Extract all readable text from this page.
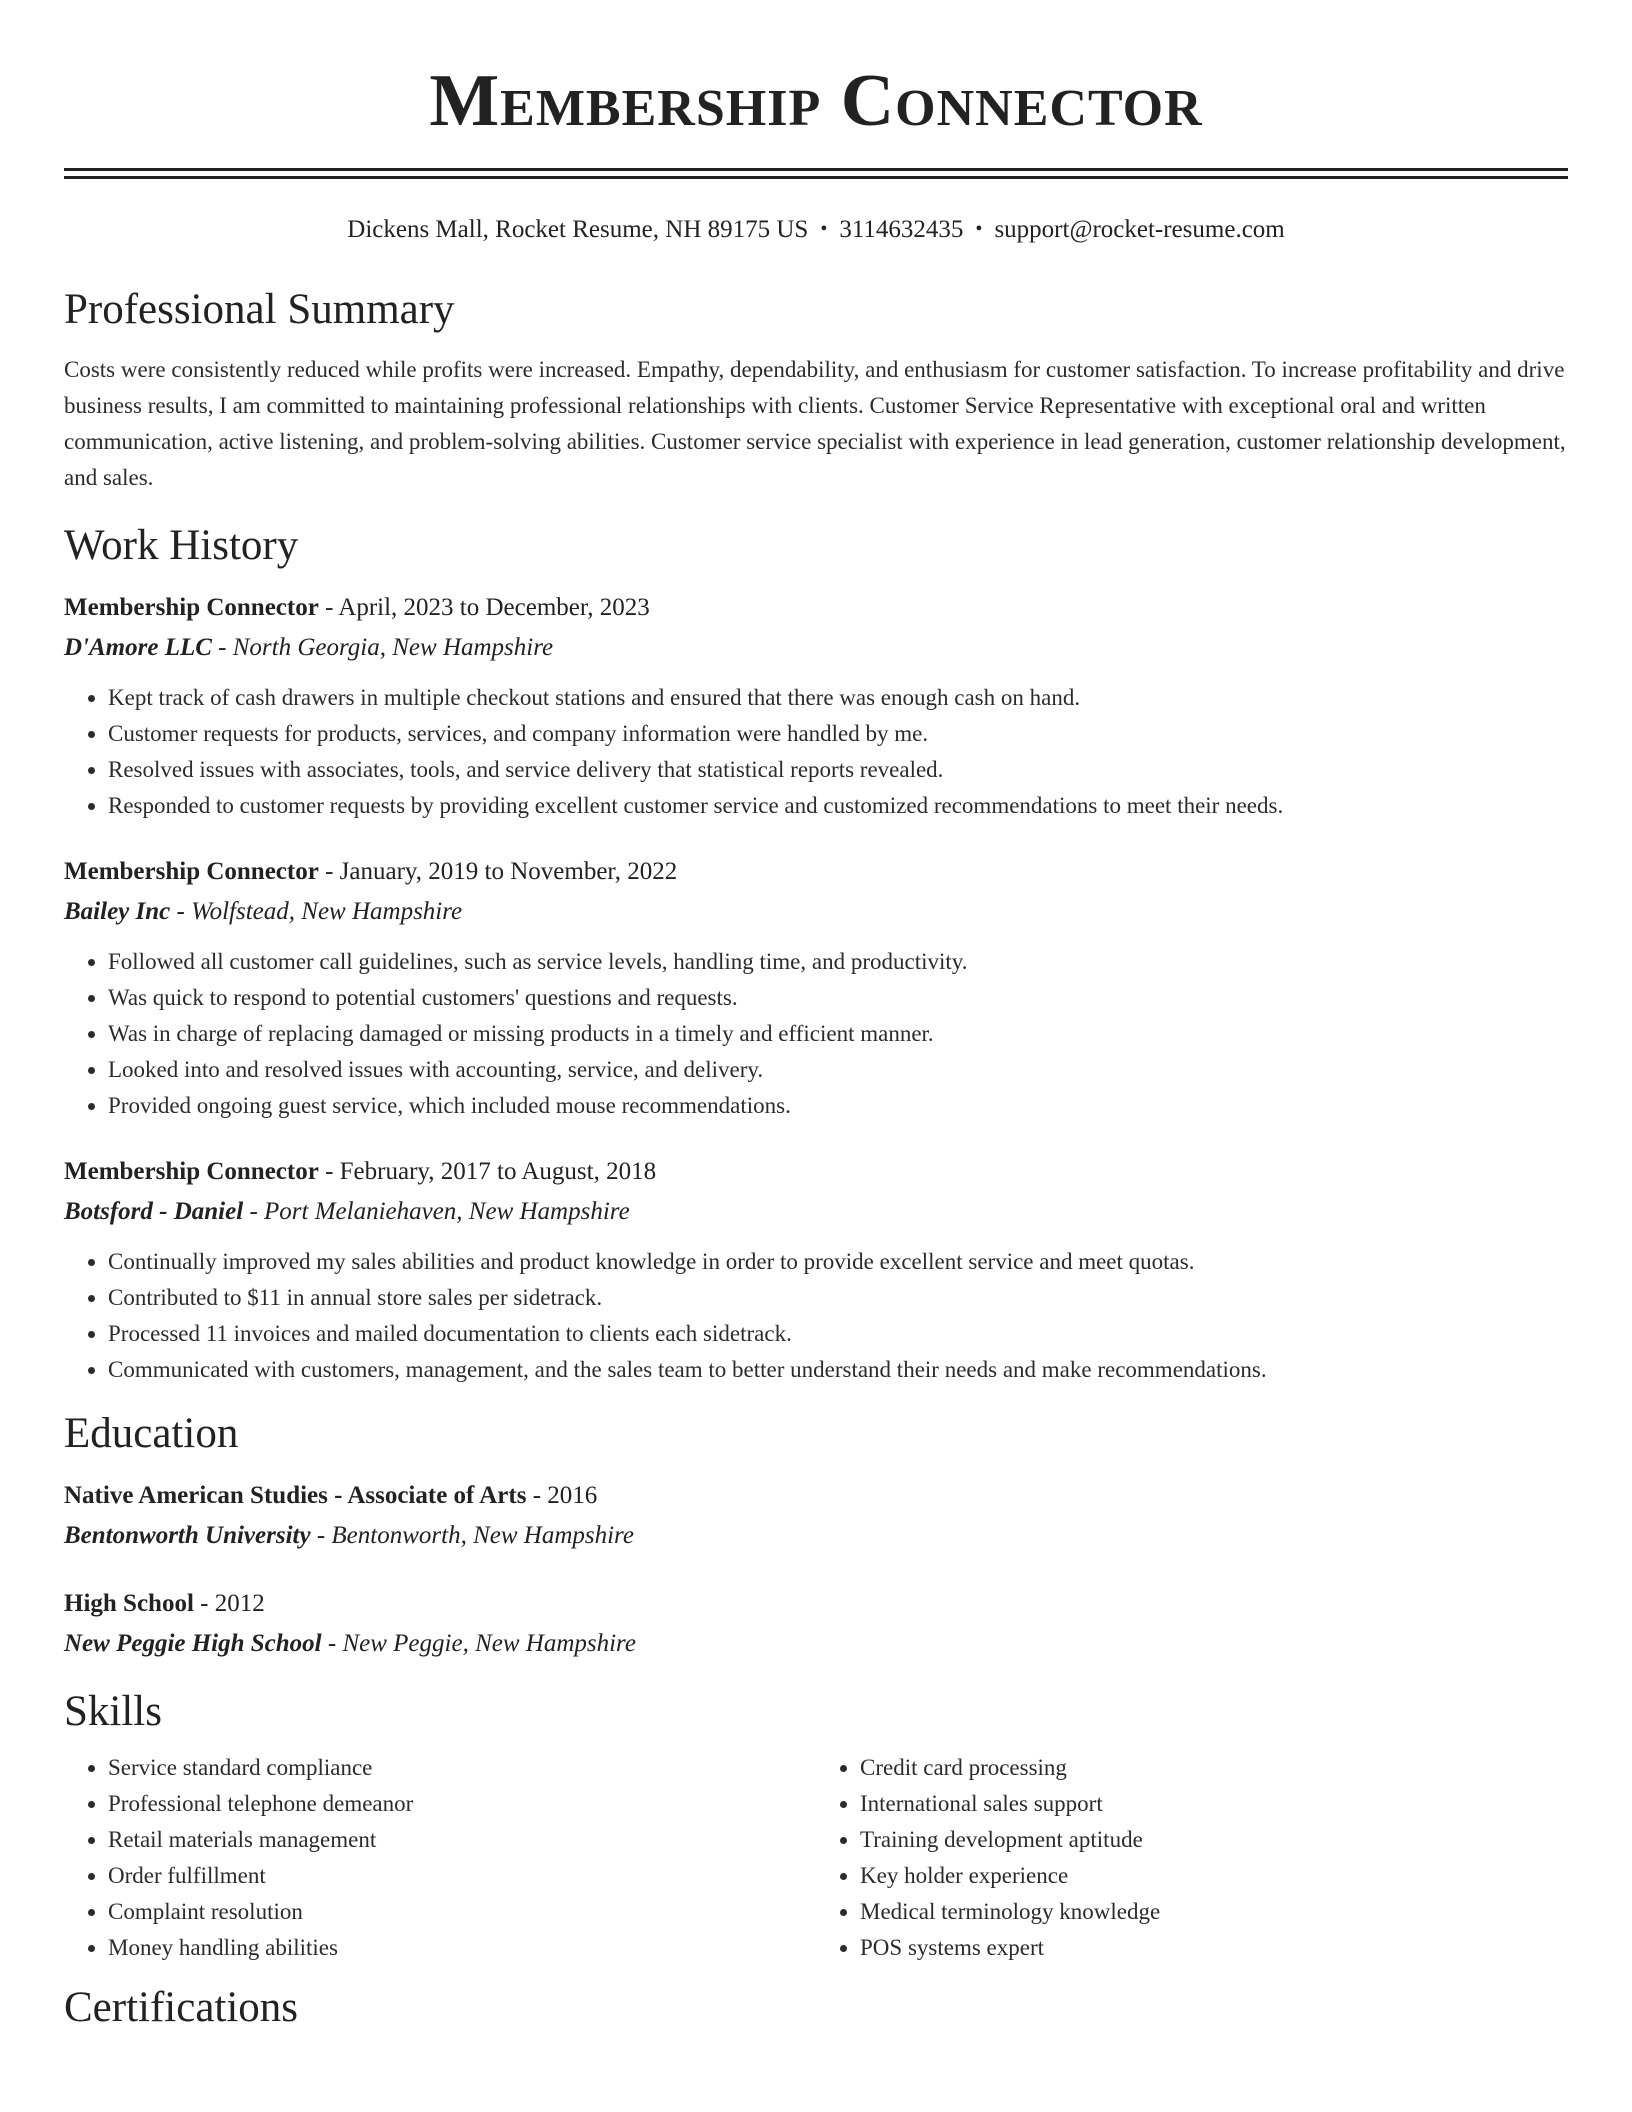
Membership Connector
Dickens Mall, Rocket Resume, NH 89175 US • 3114632435 • support@rocket-resume.com
Professional Summary
Costs were consistently reduced while profits were increased. Empathy, dependability, and enthusiasm for customer satisfaction. To increase profitability and drive business results, I am committed to maintaining professional relationships with clients. Customer Service Representative with exceptional oral and written communication, active listening, and problem-solving abilities. Customer service specialist with experience in lead generation, customer relationship development, and sales.
Work History
Membership Connector - April, 2023 to December, 2023
D'Amore LLC - North Georgia, New Hampshire
• Kept track of cash drawers in multiple checkout stations and ensured that there was enough cash on hand.
• Customer requests for products, services, and company information were handled by me.
• Resolved issues with associates, tools, and service delivery that statistical reports revealed.
• Responded to customer requests by providing excellent customer service and customized recommendations to meet their needs.
Membership Connector - January, 2019 to November, 2022
Bailey Inc - Wolfstead, New Hampshire
• Followed all customer call guidelines, such as service levels, handling time, and productivity.
• Was quick to respond to potential customers' questions and requests.
• Was in charge of replacing damaged or missing products in a timely and efficient manner.
• Looked into and resolved issues with accounting, service, and delivery.
• Provided ongoing guest service, which included mouse recommendations.
Membership Connector - February, 2017 to August, 2018
Botsford - Daniel - Port Melaniehaven, New Hampshire
• Continually improved my sales abilities and product knowledge in order to provide excellent service and meet quotas.
• Contributed to $11 in annual store sales per sidetrack.
• Processed 11 invoices and mailed documentation to clients each sidetrack.
• Communicated with customers, management, and the sales team to better understand their needs and make recommendations.
Education
Native American Studies - Associate of Arts - 2016
Bentonworth University - Bentonworth, New Hampshire
High School - 2012
New Peggie High School - New Peggie, New Hampshire
Skills
• Service standard compliance
• Professional telephone demeanor
• Retail materials management
• Order fulfillment
• Complaint resolution
• Money handling abilities
• Credit card processing
• International sales support
• Training development aptitude
• Key holder experience
• Medical terminology knowledge
• POS systems expert
Certifications
